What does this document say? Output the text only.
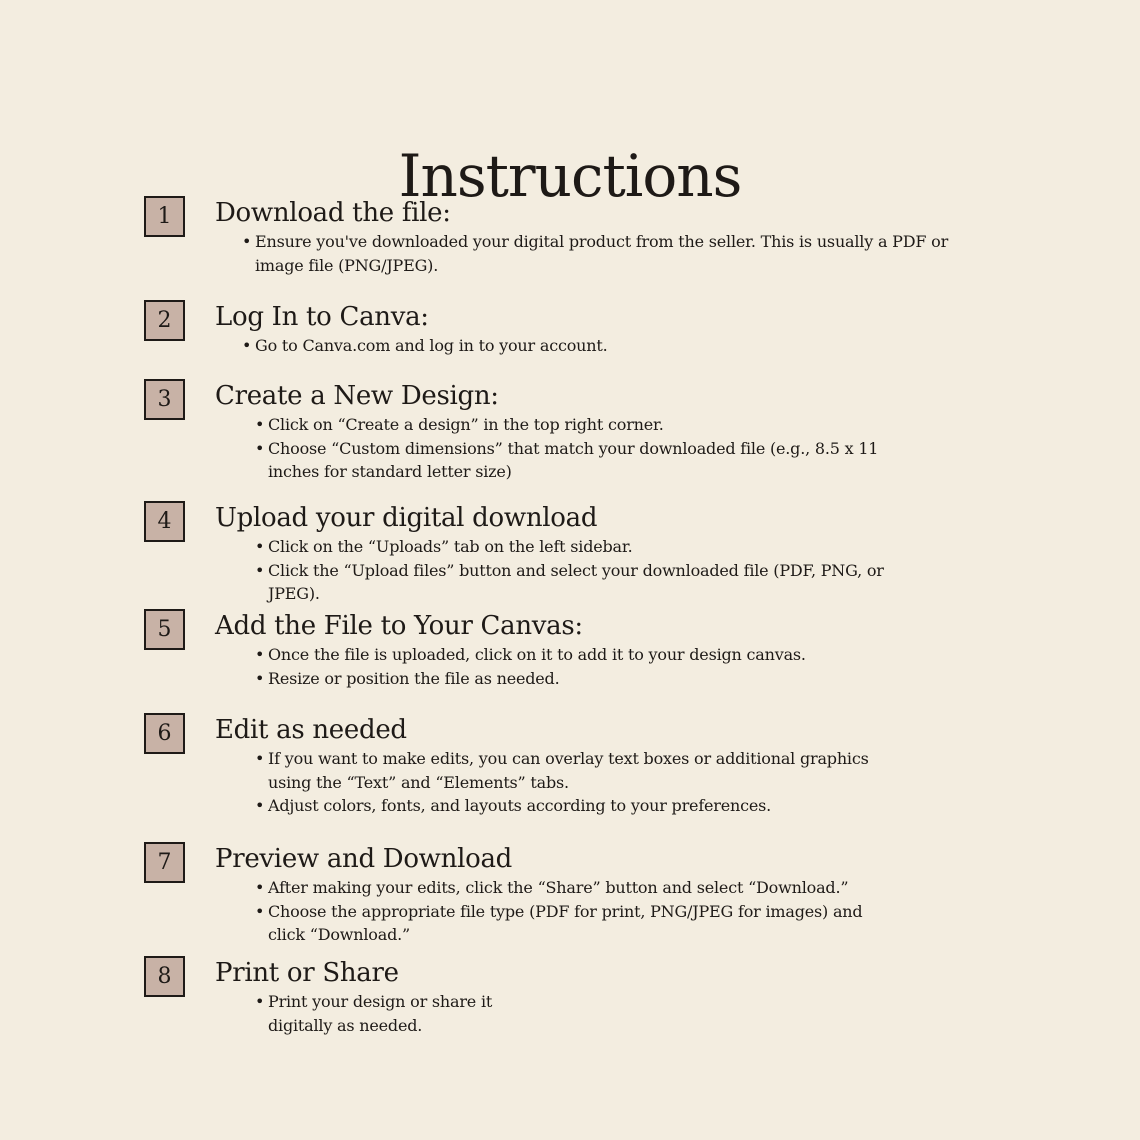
Instructions
1	Download the file:
• Ensure you've downloaded your digital product from the seller. This is usually a PDF or image file (PNG/JPEG).
2	Log In to Canva:
• Go to Canva.com and log in to your account.
3	Create a New Design:
• Click on “Create a design” in the top right corner.
• Choose “Custom dimensions” that match your downloaded file (e.g., 8.5 x 11 inches for standard letter size)
4	Upload your digital download
• Click on the “Uploads” tab on the left sidebar.
• Click the “Upload files” button and select your downloaded file (PDF, PNG, or JPEG).
5	Add the File to Your Canvas:
• Once the file is uploaded, click on it to add it to your design canvas.
• Resize or position the file as needed.
6	Edit as needed
• If you want to make edits, you can overlay text boxes or additional graphics using the “Text” and “Elements” tabs.
• Adjust colors, fonts, and layouts according to your preferences.
7	Preview and Download
• After making your edits, click the “Share” button and select “Download.”
• Choose the appropriate file type (PDF for print, PNG/JPEG for images) and click “Download.”
8	Print or Share
• Print your design or share it digitally as needed.
